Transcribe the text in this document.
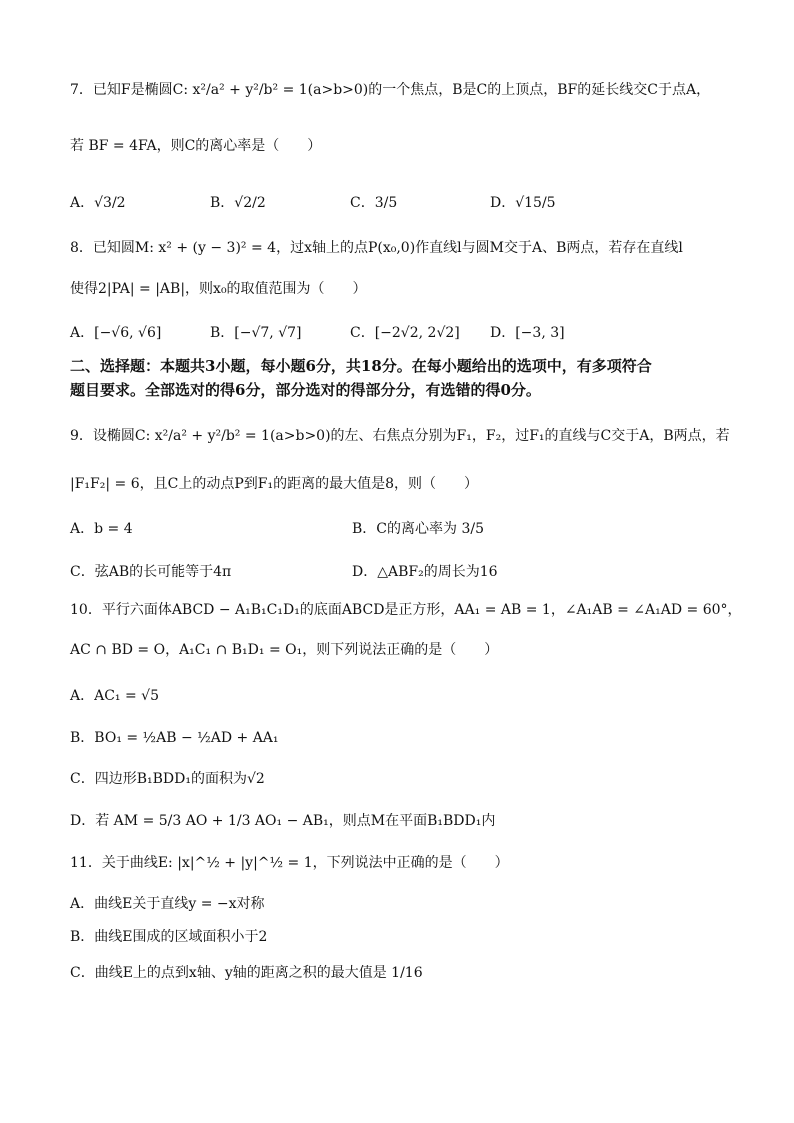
7．已知F是椭圆C: x²/a² + y²/b² = 1(a>b>0)的一个焦点，B是C的上顶点，BF的延长线交C于点A，
若 BF = 4FA，则C的离心率是（　　）
A．√3/2	B．√2/2	C．3/5	D．√15/5
8．已知圆M: x² + (y − 3)² = 4，过x轴上的点P(x₀,0)作直线l与圆M交于A、B两点，若存在直线l
使得2|PA| = |AB|，则x₀的取值范围为（　　）
A．[−√6, √6]	B．[−√7, √7]	C．[−2√2, 2√2] D．[−3, 3]
二、选择题：本题共3小题，每小题6分，共18分。在每小题给出的选项中，有多项符合
题目要求。全部选对的得6分，部分选对的得部分分，有选错的得0分。
9．设椭圆C: x²/a² + y²/b² = 1(a>b>0)的左、右焦点分别为F₁，F₂，过F₁的直线与C交于A，B两点，若
|F₁F₂| = 6，且C上的动点P到F₁的距离的最大值是8，则（　　）
A．b = 4	B．C的离心率为 3/5
C．弦AB的长可能等于4π	D．△ABF₂的周长为16
10．平行六面体ABCD − A₁B₁C₁D₁的底面ABCD是正方形，AA₁ = AB = 1，∠A₁AB = ∠A₁AD = 60°，
AC ∩ BD = O，A₁C₁ ∩ B₁D₁ = O₁，则下列说法正确的是（　　）
A．AC₁ = √5
B．BO₁ = ½AB − ½AD + AA₁
C．四边形B₁BDD₁的面积为√2
D．若 AM = 5/3 AO + 1/3 AO₁ − AB₁，则点M在平面B₁BDD₁内
11．关于曲线E: |x|^½ + |y|^½ = 1，下列说法中正确的是（　　）
A．曲线E关于直线y = −x对称
B．曲线E围成的区域面积小于2
C．曲线E上的点到x轴、y轴的距离之积的最大值是 1/16
